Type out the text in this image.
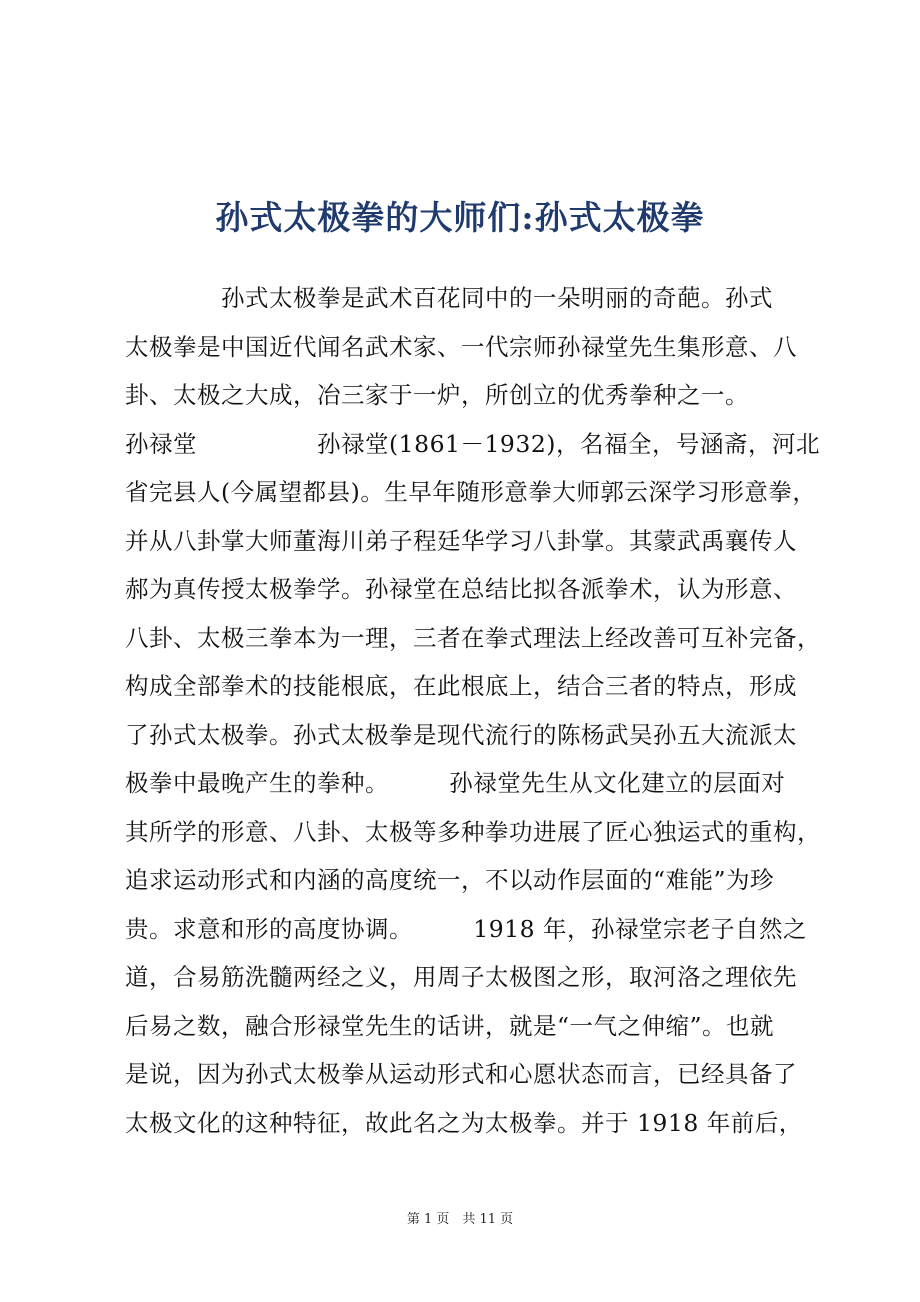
孙式太极拳的大师们:孙式太极拳
　　　　孙式太极拳是武术百花同中的一朵明丽的奇葩。孙式
太极拳是中国近代闻名武术家、一代宗师孙禄堂先生集形意、八
卦、太极之大成，冶三家于一炉，所创立的优秀拳种之一。
孙禄堂　　　　　孙禄堂(1861－1932)，名福全，号涵斋，河北
省完县人(今属望都县)。生早年随形意拳大师郭云深学习形意拳，
并从八卦掌大师董海川弟子程廷华学习八卦掌。其蒙武禹襄传人
郝为真传授太极拳学。孙禄堂在总结比拟各派拳术，认为形意、
八卦、太极三拳本为一理，三者在拳式理法上经改善可互补完备，
构成全部拳术的技能根底，在此根底上，结合三者的特点，形成
了孙式太极拳。孙式太极拳是现代流行的陈杨武吴孙五大流派太
极拳中最晚产生的拳种。　　　孙禄堂先生从文化建立的层面对
其所学的形意、八卦、太极等多种拳功进展了匠心独运式的重构，
追求运动形式和内涵的高度统一，不以动作层面的“难能”为珍
贵。求意和形的高度协调。　　　1918 年，孙禄堂宗老子自然之
道，合易筋洗髓两经之义，用周子太极图之形，取河洛之理依先
后易之数，融合形禄堂先生的话讲，就是“一气之伸缩”。也就
是说，因为孙式太极拳从运动形式和心愿状态而言，已经具备了
太极文化的这种特征，故此名之为太极拳。并于 1918 年前后，
第 1 页　共 11 页
